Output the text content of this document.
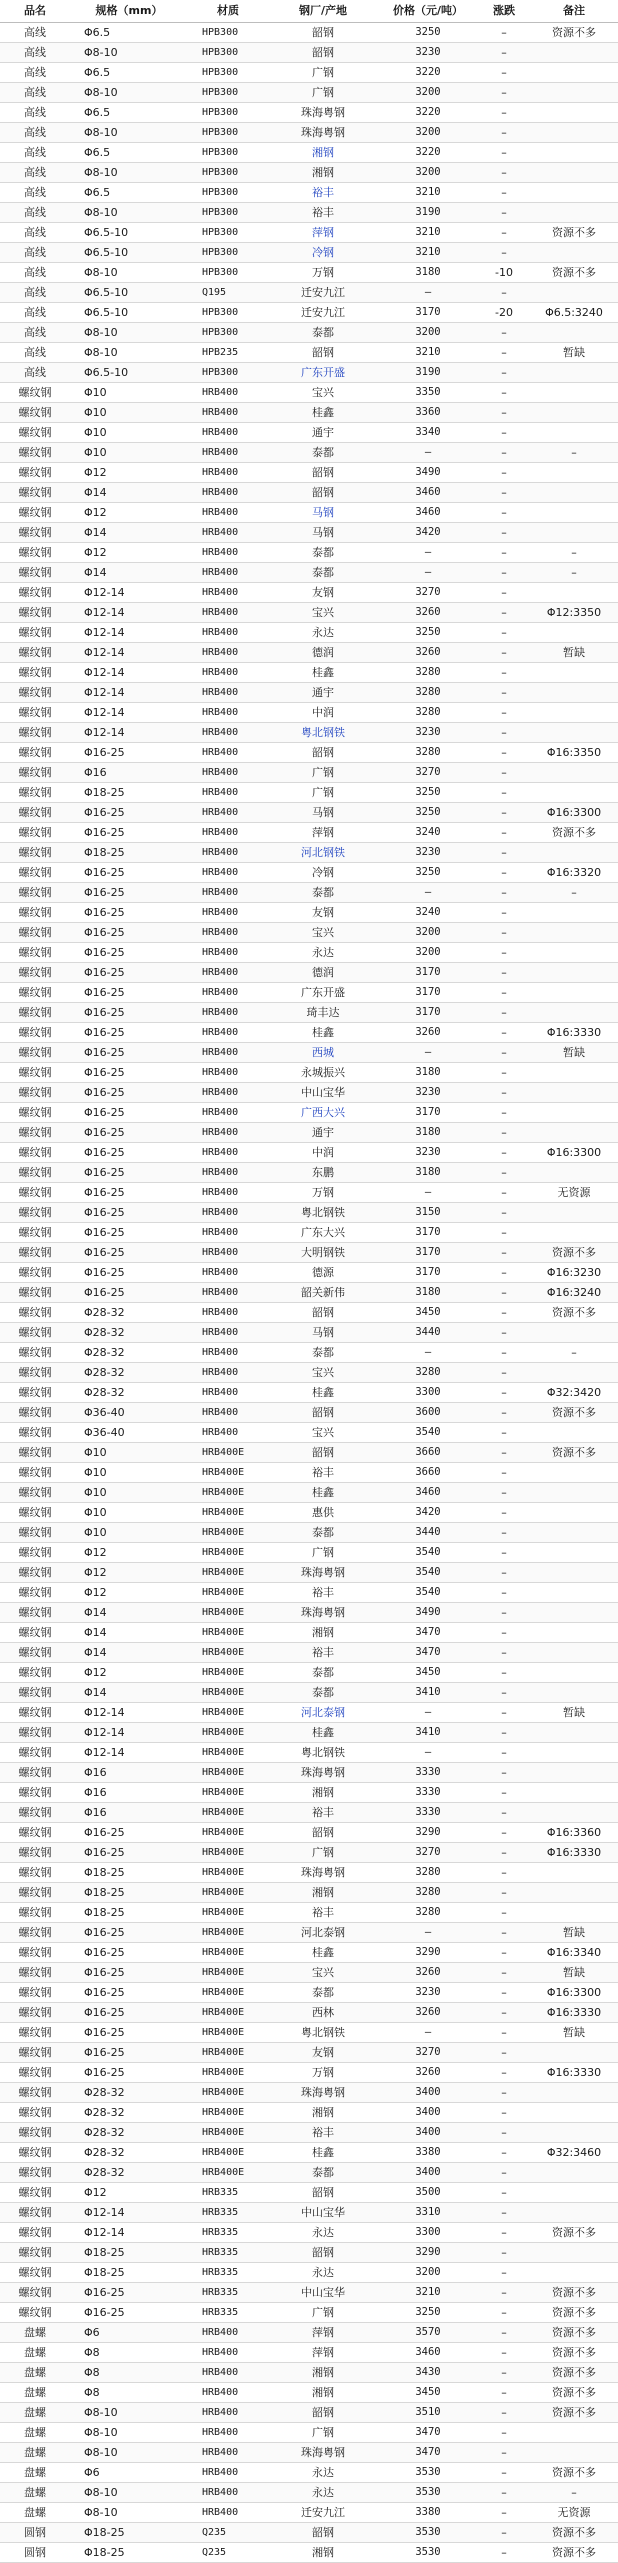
品名	规格（mm）	材质	钢厂/产地	价格（元/吨）	涨跌	备注
高线	Φ6.5	HPB300	韶钢	3250	–	资源不多
高线	Φ8-10	HPB300	韶钢	3230	–	
高线	Φ6.5	HPB300	广钢	3220	–	
高线	Φ8-10	HPB300	广钢	3200	–	
高线	Φ6.5	HPB300	珠海粤钢	3220	–	
高线	Φ8-10	HPB300	珠海粤钢	3200	–	
高线	Φ6.5	HPB300	湘钢	3220	–	
高线	Φ8-10	HPB300	湘钢	3200	–	
高线	Φ6.5	HPB300	裕丰	3210	–	
高线	Φ8-10	HPB300	裕丰	3190	–	
高线	Φ6.5-10	HPB300	萍钢	3210	–	资源不多
高线	Φ6.5-10	HPB300	冷钢	3210	–	
高线	Φ8-10	HPB300	万钢	3180	-10	资源不多
高线	Φ6.5-10	Q195	迁安九江	–	–	
高线	Φ6.5-10	HPB300	迁安九江	3170	-20	Φ6.5:3240
高线	Φ8-10	HPB300	泰都	3200	–	
高线	Φ8-10	HPB235	韶钢	3210	–	暂缺
高线	Φ6.5-10	HPB300	广东开盛	3190	–	
螺纹钢	Φ10	HRB400	宝兴	3350	–	
螺纹钢	Φ10	HRB400	桂鑫	3360	–	
螺纹钢	Φ10	HRB400	通宇	3340	–	
螺纹钢	Φ10	HRB400	泰都	–	–	–
螺纹钢	Φ12	HRB400	韶钢	3490	–	
螺纹钢	Φ14	HRB400	韶钢	3460	–	
螺纹钢	Φ12	HRB400	马钢	3460	–	
螺纹钢	Φ14	HRB400	马钢	3420	–	
螺纹钢	Φ12	HRB400	泰都	–	–	–
螺纹钢	Φ14	HRB400	泰都	–	–	–
螺纹钢	Φ12-14	HRB400	友钢	3270	–	
螺纹钢	Φ12-14	HRB400	宝兴	3260	–	Φ12:3350
螺纹钢	Φ12-14	HRB400	永达	3250	–	
螺纹钢	Φ12-14	HRB400	德润	3260	–	暂缺
螺纹钢	Φ12-14	HRB400	桂鑫	3280	–	
螺纹钢	Φ12-14	HRB400	通宇	3280	–	
螺纹钢	Φ12-14	HRB400	中润	3280	–	
螺纹钢	Φ12-14	HRB400	粤北钢铁	3230	–	
螺纹钢	Φ16-25	HRB400	韶钢	3280	–	Φ16:3350
螺纹钢	Φ16	HRB400	广钢	3270	–	
螺纹钢	Φ18-25	HRB400	广钢	3250	–	
螺纹钢	Φ16-25	HRB400	马钢	3250	–	Φ16:3300
螺纹钢	Φ16-25	HRB400	萍钢	3240	–	资源不多
螺纹钢	Φ18-25	HRB400	河北钢铁	3230	–	
螺纹钢	Φ16-25	HRB400	冷钢	3250	–	Φ16:3320
螺纹钢	Φ16-25	HRB400	泰都	–	–	–
螺纹钢	Φ16-25	HRB400	友钢	3240	–	
螺纹钢	Φ16-25	HRB400	宝兴	3200	–	
螺纹钢	Φ16-25	HRB400	永达	3200	–	
螺纹钢	Φ16-25	HRB400	德润	3170	–	
螺纹钢	Φ16-25	HRB400	广东开盛	3170	–	
螺纹钢	Φ16-25	HRB400	琦丰达	3170	–	
螺纹钢	Φ16-25	HRB400	桂鑫	3260	–	Φ16:3330
螺纹钢	Φ16-25	HRB400	西城	–	–	暂缺
螺纹钢	Φ16-25	HRB400	永城振兴	3180	–	
螺纹钢	Φ16-25	HRB400	中山宝华	3230	–	
螺纹钢	Φ16-25	HRB400	广西大兴	3170	–	
螺纹钢	Φ16-25	HRB400	通宇	3180	–	
螺纹钢	Φ16-25	HRB400	中润	3230	–	Φ16:3300
螺纹钢	Φ16-25	HRB400	东鹏	3180	–	
螺纹钢	Φ16-25	HRB400	万钢	–	–	无资源
螺纹钢	Φ16-25	HRB400	粤北钢铁	3150	–	
螺纹钢	Φ16-25	HRB400	广东大兴	3170	–	
螺纹钢	Φ16-25	HRB400	大明钢铁	3170	–	资源不多
螺纹钢	Φ16-25	HRB400	德源	3170	–	Φ16:3230
螺纹钢	Φ16-25	HRB400	韶关新伟	3180	–	Φ16:3240
螺纹钢	Φ28-32	HRB400	韶钢	3450	–	资源不多
螺纹钢	Φ28-32	HRB400	马钢	3440	–	
螺纹钢	Φ28-32	HRB400	泰都	–	–	–
螺纹钢	Φ28-32	HRB400	宝兴	3280	–	
螺纹钢	Φ28-32	HRB400	桂鑫	3300	–	Φ32:3420
螺纹钢	Φ36-40	HRB400	韶钢	3600	–	资源不多
螺纹钢	Φ36-40	HRB400	宝兴	3540	–	
螺纹钢	Φ10	HRB400E	韶钢	3660	–	资源不多
螺纹钢	Φ10	HRB400E	裕丰	3660	–	
螺纹钢	Φ10	HRB400E	桂鑫	3460	–	
螺纹钢	Φ10	HRB400E	惠供	3420	–	
螺纹钢	Φ10	HRB400E	泰都	3440	–	
螺纹钢	Φ12	HRB400E	广钢	3540	–	
螺纹钢	Φ12	HRB400E	珠海粤钢	3540	–	
螺纹钢	Φ12	HRB400E	裕丰	3540	–	
螺纹钢	Φ14	HRB400E	珠海粤钢	3490	–	
螺纹钢	Φ14	HRB400E	湘钢	3470	–	
螺纹钢	Φ14	HRB400E	裕丰	3470	–	
螺纹钢	Φ12	HRB400E	泰都	3450	–	
螺纹钢	Φ14	HRB400E	泰都	3410	–	
螺纹钢	Φ12-14	HRB400E	河北泰钢	–	–	暂缺
螺纹钢	Φ12-14	HRB400E	桂鑫	3410	–	
螺纹钢	Φ12-14	HRB400E	粤北钢铁	–	–	
螺纹钢	Φ16	HRB400E	珠海粤钢	3330	–	
螺纹钢	Φ16	HRB400E	湘钢	3330	–	
螺纹钢	Φ16	HRB400E	裕丰	3330	–	
螺纹钢	Φ16-25	HRB400E	韶钢	3290	–	Φ16:3360
螺纹钢	Φ16-25	HRB400E	广钢	3270	–	Φ16:3330
螺纹钢	Φ18-25	HRB400E	珠海粤钢	3280	–	
螺纹钢	Φ18-25	HRB400E	湘钢	3280	–	
螺纹钢	Φ18-25	HRB400E	裕丰	3280	–	
螺纹钢	Φ16-25	HRB400E	河北泰钢	–	–	暂缺
螺纹钢	Φ16-25	HRB400E	桂鑫	3290	–	Φ16:3340
螺纹钢	Φ16-25	HRB400E	宝兴	3260	–	暂缺
螺纹钢	Φ16-25	HRB400E	泰都	3230	–	Φ16:3300
螺纹钢	Φ16-25	HRB400E	西林	3260	–	Φ16:3330
螺纹钢	Φ16-25	HRB400E	粤北钢铁	–	–	暂缺
螺纹钢	Φ16-25	HRB400E	友钢	3270	–	
螺纹钢	Φ16-25	HRB400E	万钢	3260	–	Φ16:3330
螺纹钢	Φ28-32	HRB400E	珠海粤钢	3400	–	
螺纹钢	Φ28-32	HRB400E	湘钢	3400	–	
螺纹钢	Φ28-32	HRB400E	裕丰	3400	–	
螺纹钢	Φ28-32	HRB400E	桂鑫	3380	–	Φ32:3460
螺纹钢	Φ28-32	HRB400E	泰都	3400	–	
螺纹钢	Φ12	HRB335	韶钢	3500	–	
螺纹钢	Φ12-14	HRB335	中山宝华	3310	–	
螺纹钢	Φ12-14	HRB335	永达	3300	–	资源不多
螺纹钢	Φ18-25	HRB335	韶钢	3290	–	
螺纹钢	Φ18-25	HRB335	永达	3200	–	
螺纹钢	Φ16-25	HRB335	中山宝华	3210	–	资源不多
螺纹钢	Φ16-25	HRB335	广钢	3250	–	资源不多
盘螺	Φ6	HRB400	萍钢	3570	–	资源不多
盘螺	Φ8	HRB400	萍钢	3460	–	资源不多
盘螺	Φ8	HRB400	湘钢	3430	–	资源不多
盘螺	Φ8	HRB400	湘钢	3450	–	资源不多
盘螺	Φ8-10	HRB400	韶钢	3510	–	资源不多
盘螺	Φ8-10	HRB400	广钢	3470	–	
盘螺	Φ8-10	HRB400	珠海粤钢	3470	–	
盘螺	Φ6	HRB400	永达	3530	–	资源不多
盘螺	Φ8-10	HRB400	永达	3530	–	–
盘螺	Φ8-10	HRB400	迁安九江	3380	–	无资源
圆钢	Φ18-25	Q235	韶钢	3530	–	资源不多
圆钢	Φ18-25	Q235	湘钢	3530	–	资源不多
